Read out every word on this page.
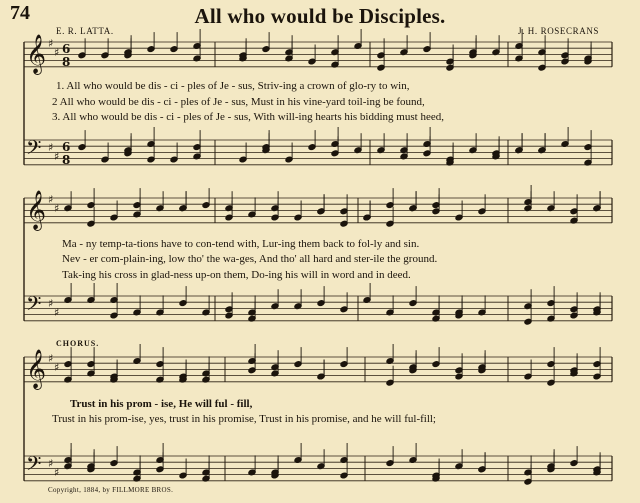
74	All who would be Disciples.
E. R. LATTA.	J. H. ROSECRANS
𝄞 ♯
♯ 6
8
𝄢 ♯
♯
6
8
𝄞 ♯
♯
𝄢 ♯
♯
𝄞 ♯
♯
𝄢 ♯
♯
CHORUS.
1. All who would be dis - ci - ples of Je - sus, Striv-ing a crown of glo-ry to win,
2 All who would be dis - ci - ples of Je - sus, Must in his vine-yard toil-ing be found,
3. All who would be dis - ci - ples of Je - sus, With will-ing hearts his bidding must heed,
Ma - ny temp-ta-tions have to con-tend with, Lur-ing them back to fol-ly and sin.
Nev - er com-plain-ing, low tho' the wa-ges, And tho' all hard and ster-ile the ground.
Tak-ing his cross in glad-ness up-on them, Do-ing his will in word and in deed.
Trust in his prom - ise, He will ful - fill,
Trust in his prom-ise, yes, trust in his promise, Trust in his promise, and he will ful-fill;
Copyright, 1884, by FILLMORE BROS.
